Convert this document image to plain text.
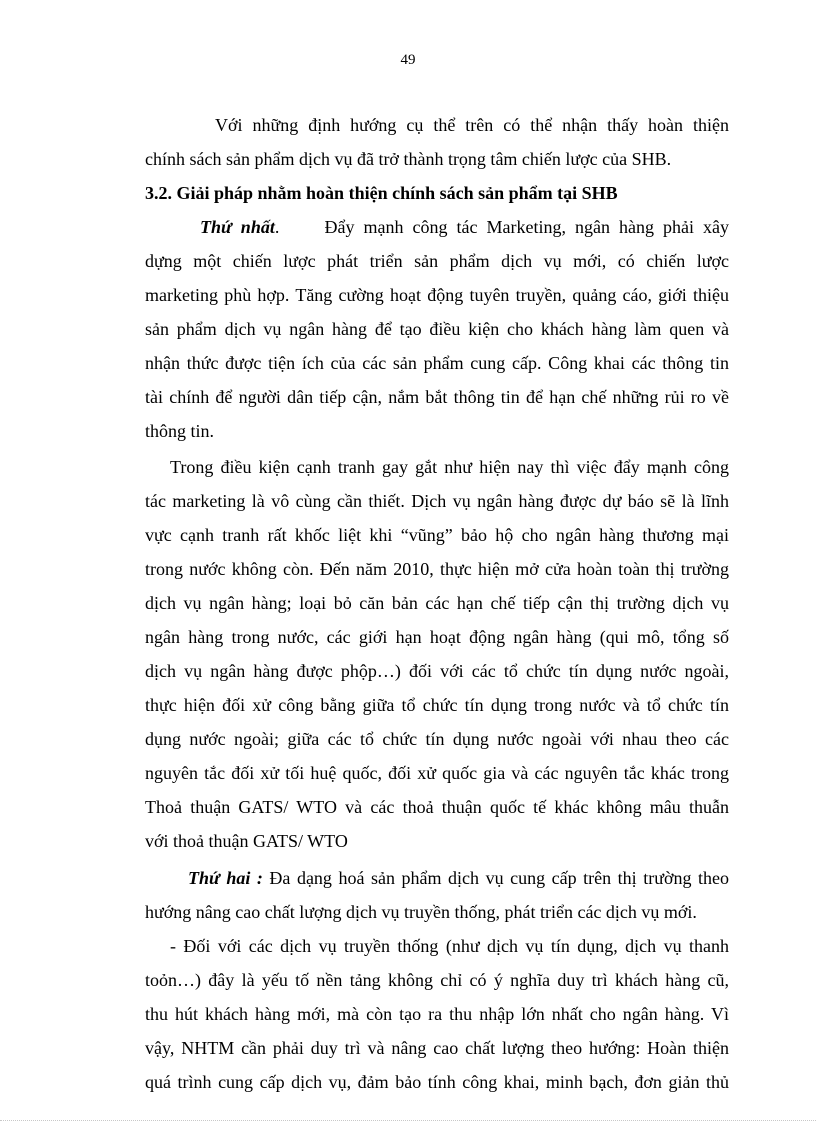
49
Với những định hướng cụ thể trên có thể nhận thấy hoàn thiện
chính sách sản phẩm dịch vụ đã trở thành trọng tâm chiến lược của SHB.
3.2. Giải pháp nhằm hoàn thiện chính sách sản phẩm tại SHB
Thứ nhất.     Đẩy mạnh công tác Marketing, ngân hàng phải xây
dựng một chiến lược phát triển sản phẩm dịch vụ mới, có chiến lược
marketing phù hợp. Tăng cường hoạt động tuyên truyền, quảng cáo, giới thiệu
sản phẩm dịch vụ ngân hàng để tạo điều kiện cho khách hàng làm quen và
nhận thức được tiện ích của các sản phẩm cung cấp. Công khai các thông tin
tài chính để người dân tiếp cận, nắm bắt thông tin để hạn chế những rủi ro về
thông tin.
Trong điều kiện cạnh tranh gay gắt như hiện nay thì việc đẩy mạnh công
tác marketing là vô cùng cần thiết. Dịch vụ ngân hàng được dự báo sẽ là lĩnh
vực cạnh tranh rất khốc liệt khi “vũng” bảo hộ cho ngân hàng thương mại
trong nước không còn. Đến năm 2010, thực hiện mở cửa hoàn toàn thị trường
dịch vụ ngân hàng; loại bỏ căn bản các hạn chế tiếp cận thị trường dịch vụ
ngân hàng trong nước, các giới hạn hoạt động ngân hàng (qui mô, tổng số
dịch vụ ngân hàng được phộp…) đối với các tổ chức tín dụng nước ngoài,
thực hiện đối xử công bằng giữa tổ chức tín dụng trong nước và tổ chức tín
dụng nước ngoài; giữa các tổ chức tín dụng nước ngoài với nhau theo các
nguyên tắc đối xử tối huệ quốc, đối xử quốc gia và các nguyên tắc khác trong
Thoả thuận GATS/ WTO và các thoả thuận quốc tế khác không mâu thuẫn
với thoả thuận GATS/ WTO
Thứ hai : Đa dạng hoá sản phẩm dịch vụ cung cấp trên thị trường theo
hướng nâng cao chất lượng dịch vụ truyền thống, phát triển các dịch vụ mới.
- Đối với các dịch vụ truyền thống (như dịch vụ tín dụng, dịch vụ thanh
toỏn…) đây là yếu tố nền tảng không chỉ có ý nghĩa duy trì khách hàng cũ,
thu hút khách hàng mới, mà còn tạo ra thu nhập lớn nhất cho ngân hàng. Vì
vậy, NHTM cần phải duy trì và nâng cao chất lượng theo hướng: Hoàn thiện
quá trình cung cấp dịch vụ, đảm bảo tính công khai, minh bạch, đơn giản thủ
